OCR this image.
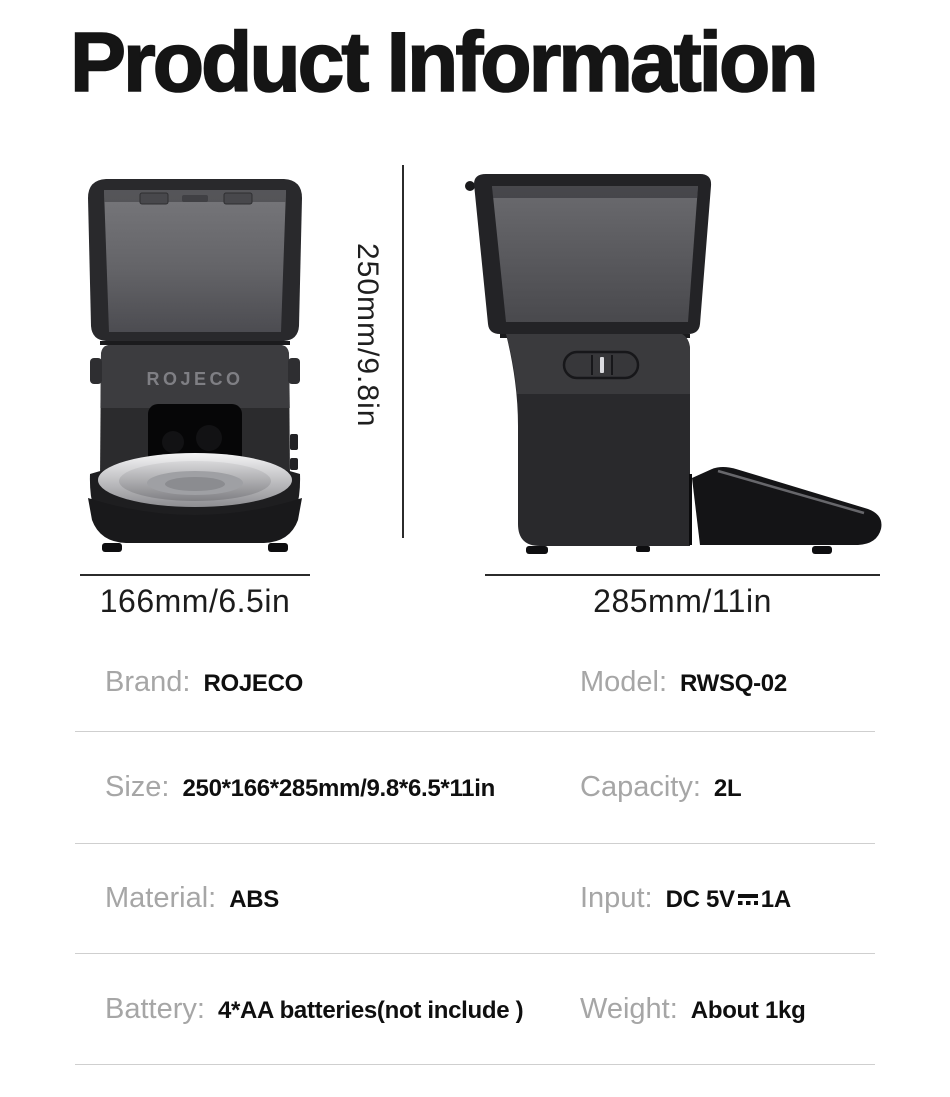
Product Information
ROJECO	250mm/9.8in
166mm/6.5in	285mm/11in
Brand: ROJECO	Model: RWSQ-02
Size: 250*166*285mm/9.8*6.5*11in	Capacity: 2L
Material: ABS	Input: DC 5V 1A
Battery: 4*AA batteries(not include ) Weight: About 1kg
